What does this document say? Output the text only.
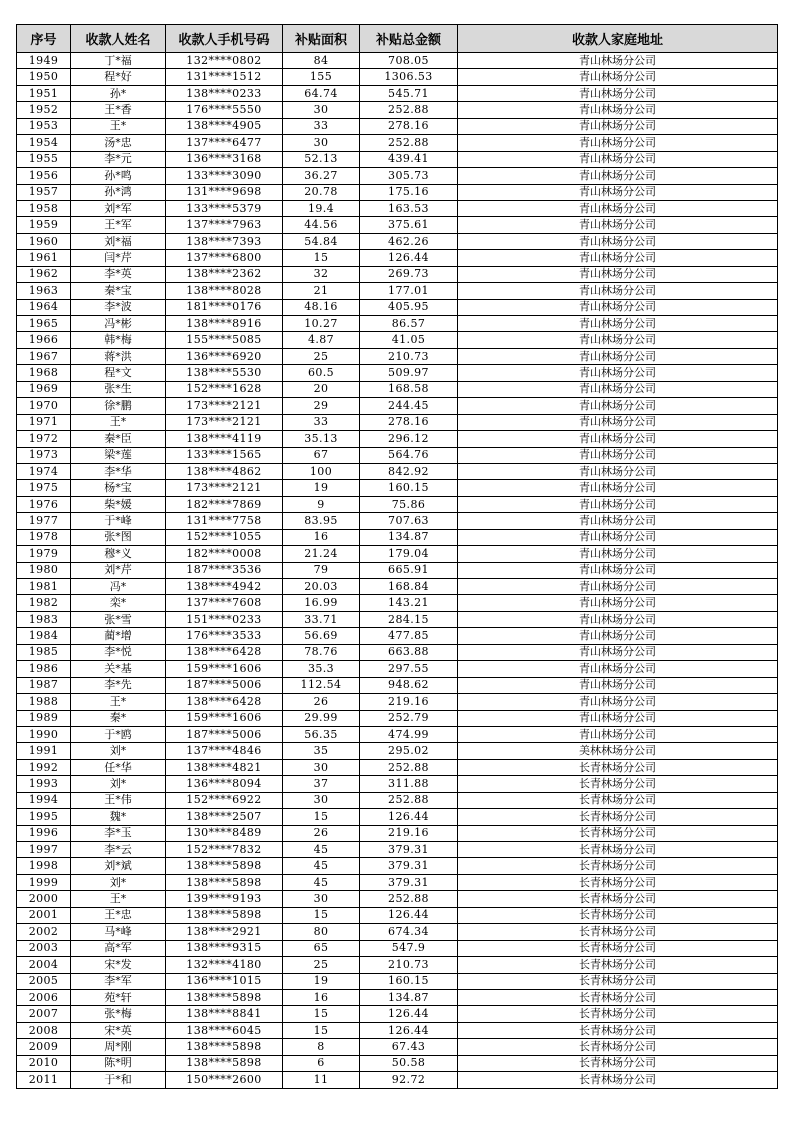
序号	收款人姓名	收款人手机号码	补贴面积	补贴总金额	收款人家庭地址
1949	丁*福	132****0802	84	708.05	青山林场分公司
1950	程*好	131****1512	155	1306.53	青山林场分公司
1951	孙*	138****0233	64.74	545.71	青山林场分公司
1952	王*香	176****5550	30	252.88	青山林场分公司
1953	王*	138****4905	33	278.16	青山林场分公司
1954	汤*忠	137****6477	30	252.88	青山林场分公司
1955	李*元	136****3168	52.13	439.41	青山林场分公司
1956	孙*鸣	133****3090	36.27	305.73	青山林场分公司
1957	孙*鸿	131****9698	20.78	175.16	青山林场分公司
1958	刘*军	133****5379	19.4	163.53	青山林场分公司
1959	王*军	137****7963	44.56	375.61	青山林场分公司
1960	刘*福	138****7393	54.84	462.26	青山林场分公司
1961	闫*芹	137****6800	15	126.44	青山林场分公司
1962	李*英	138****2362	32	269.73	青山林场分公司
1963	秦*宝	138****8028	21	177.01	青山林场分公司
1964	李*波	181****0176	48.16	405.95	青山林场分公司
1965	冯*彬	138****8916	10.27	86.57	青山林场分公司
1966	韩*梅	155****5085	4.87	41.05	青山林场分公司
1967	蒋*洪	136****6920	25	210.73	青山林场分公司
1968	程*文	138****5530	60.5	509.97	青山林场分公司
1969	张*生	152****1628	20	168.58	青山林场分公司
1970	徐*鹏	173****2121	29	244.45	青山林场分公司
1971	王*	173****2121	33	278.16	青山林场分公司
1972	秦*臣	138****4119	35.13	296.12	青山林场分公司
1973	梁*莲	133****1565	67	564.76	青山林场分公司
1974	李*华	138****4862	100	842.92	青山林场分公司
1975	杨*宝	173****2121	19	160.15	青山林场分公司
1976	柴*媛	182****7869	9	75.86	青山林场分公司
1977	于*峰	131****7758	83.95	707.63	青山林场分公司
1978	张*图	152****1055	16	134.87	青山林场分公司
1979	穆*义	182****0008	21.24	179.04	青山林场分公司
1980	刘*芹	187****3536	79	665.91	青山林场分公司
1981	冯*	138****4942	20.03	168.84	青山林场分公司
1982	栾*	137****7608	16.99	143.21	青山林场分公司
1983	张*雪	151****0233	33.71	284.15	青山林场分公司
1984	蔺*增	176****3533	56.69	477.85	青山林场分公司
1985	李*悦	138****6428	78.76	663.88	青山林场分公司
1986	关*基	159****1606	35.3	297.55	青山林场分公司
1987	李*先	187****5006	112.54	948.62	青山林场分公司
1988	王*	138****6428	26	219.16	青山林场分公司
1989	秦*	159****1606	29.99	252.79	青山林场分公司
1990	于*鸥	187****5006	56.35	474.99	青山林场分公司
1991	刘*	137****4846	35	295.02	美林林场分公司
1992	任*华	138****4821	30	252.88	长青林场分公司
1993	刘*	136****8094	37	311.88	长青林场分公司
1994	王*伟	152****6922	30	252.88	长青林场分公司
1995	魏*	138****2507	15	126.44	长青林场分公司
1996	李*玉	130****8489	26	219.16	长青林场分公司
1997	李*云	152****7832	45	379.31	长青林场分公司
1998	刘*斌	138****5898	45	379.31	长青林场分公司
1999	刘*	138****5898	45	379.31	长青林场分公司
2000	王*	139****9193	30	252.88	长青林场分公司
2001	王*忠	138****5898	15	126.44	长青林场分公司
2002	马*峰	138****2921	80	674.34	长青林场分公司
2003	高*军	138****9315	65	547.9	长青林场分公司
2004	宋*发	132****4180	25	210.73	长青林场分公司
2005	李*军	136****1015	19	160.15	长青林场分公司
2006	苑*轩	138****5898	16	134.87	长青林场分公司
2007	张*梅	138****8841	15	126.44	长青林场分公司
2008	宋*英	138****6045	15	126.44	长青林场分公司
2009	周*刚	138****5898	8	67.43	长青林场分公司
2010	陈*明	138****5898	6	50.58	长青林场分公司
2011	于*和	150****2600	11	92.72	长青林场分公司
